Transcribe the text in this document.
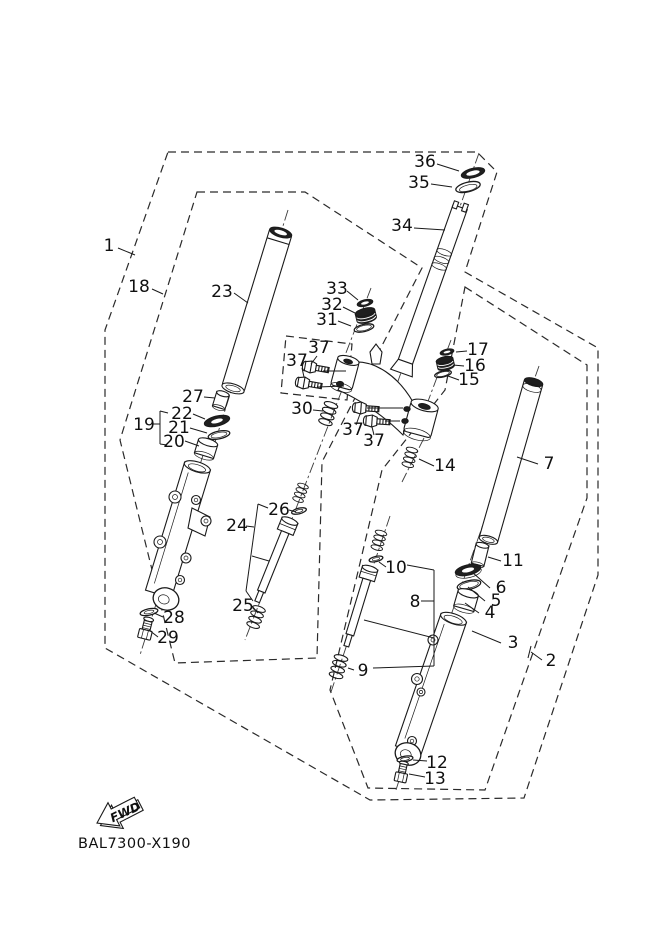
1
18	23
27
22
21
20
19
33
32
31
37
37
30
37
37
36
35
34
17
16
15
7
14
11
6
5
4
3
2
12
13
10
8
9
26
24
25
28
29
FWD
BAL7300-X190
